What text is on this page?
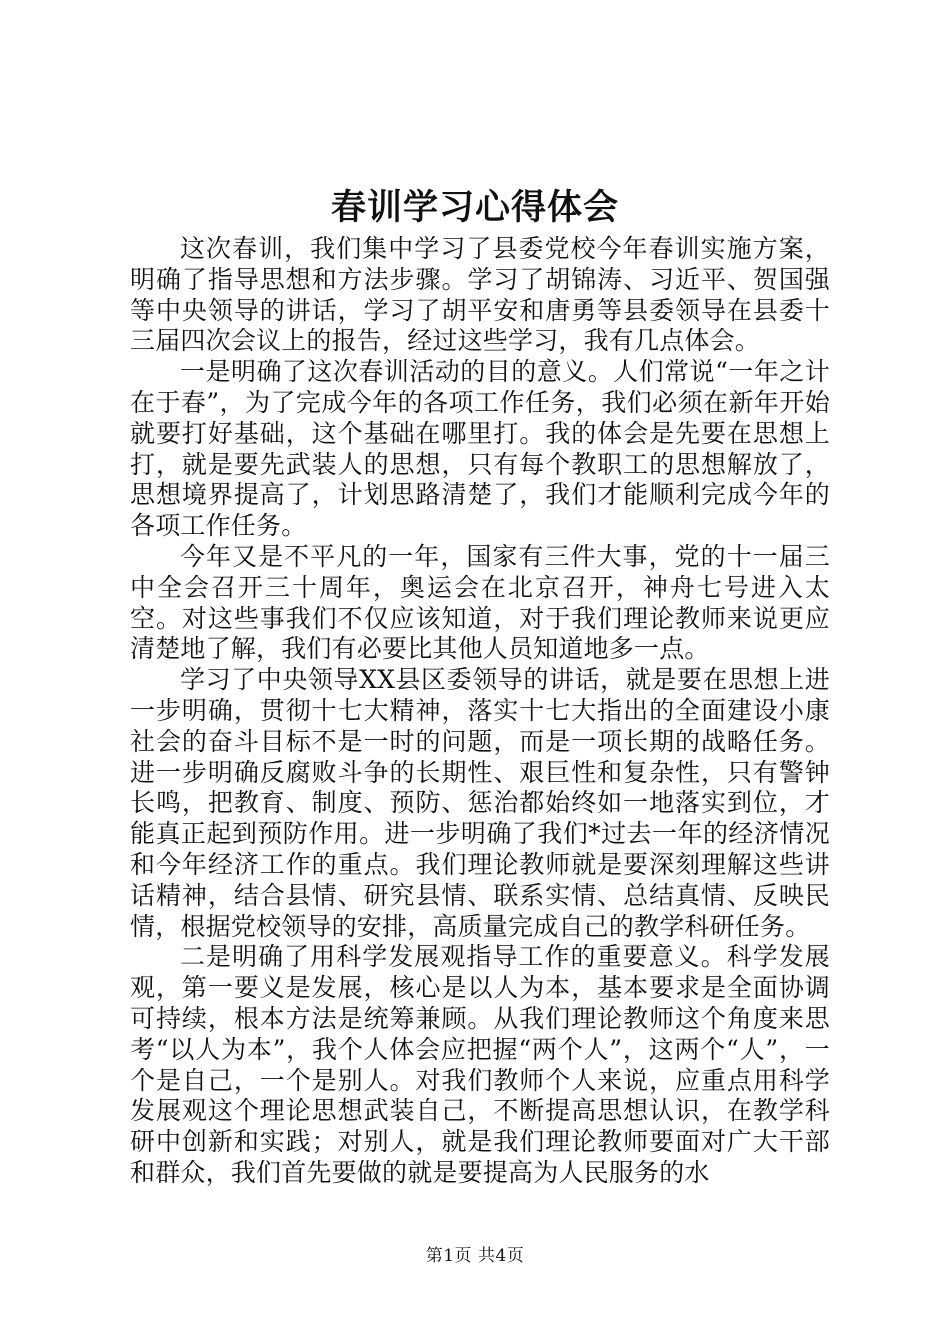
春训学习心得体会

这次春训，我们集中学习了县委党校今年春训实施方案，明确了指导思想和方法步骤。学习了胡锦涛、习近平、贺国强等中央领导的讲话，学习了胡平安和唐勇等县委领导在县委十三届四次会议上的报告，经过这些学习，我有几点体会。

一是明确了这次春训活动的目的意义。人们常说“一年之计在于春”，为了完成今年的各项工作任务，我们必须在新年开始就要打好基础，这个基础在哪里打。我的体会是先要在思想上打，就是要先武装人的思想，只有每个教职工的思想解放了，思想境界提高了，计划思路清楚了，我们才能顺利完成今年的各项工作任务。

今年又是不平凡的一年，国家有三件大事，党的十一届三中全会召开三十周年，奥运会在北京召开，神舟七号进入太空。对这些事我们不仅应该知道，对于我们理论教师来说更应清楚地了解，我们有必要比其他人员知道地多一点。

学习了中央领导XX县区委领导的讲话，就是要在思想上进一步明确，贯彻十七大精神，落实十七大指出的全面建设小康社会的奋斗目标不是一时的问题，而是一项长期的战略任务。进一步明确反腐败斗争的长期性、艰巨性和复杂性，只有警钟长鸣，把教育、制度、预防、惩治都始终如一地落实到位，才能真正起到预防作用。进一步明确了我们*过去一年的经济情况和今年经济工作的重点。我们理论教师就是要深刻理解这些讲话精神，结合县情、研究县情、联系实情、总结真情、反映民情，根据党校领导的安排，高质量完成自己的教学科研任务。

二是明确了用科学发展观指导工作的重要意义。科学发展观，第一要义是发展，核心是以人为本，基本要求是全面协调可持续，根本方法是统筹兼顾。从我们理论教师这个角度来思考“以人为本”，我个人体会应把握“两个人”，这两个“人”，一个是自己，一个是别人。对我们教师个人来说，应重点用科学发展观这个理论思想武装自己，不断提高思想认识，在教学科研中创新和实践；对别人，就是我们理论教师要面对广大干部和群众，我们首先要做的就是要提高为人民服务的水

第1页 共4页
